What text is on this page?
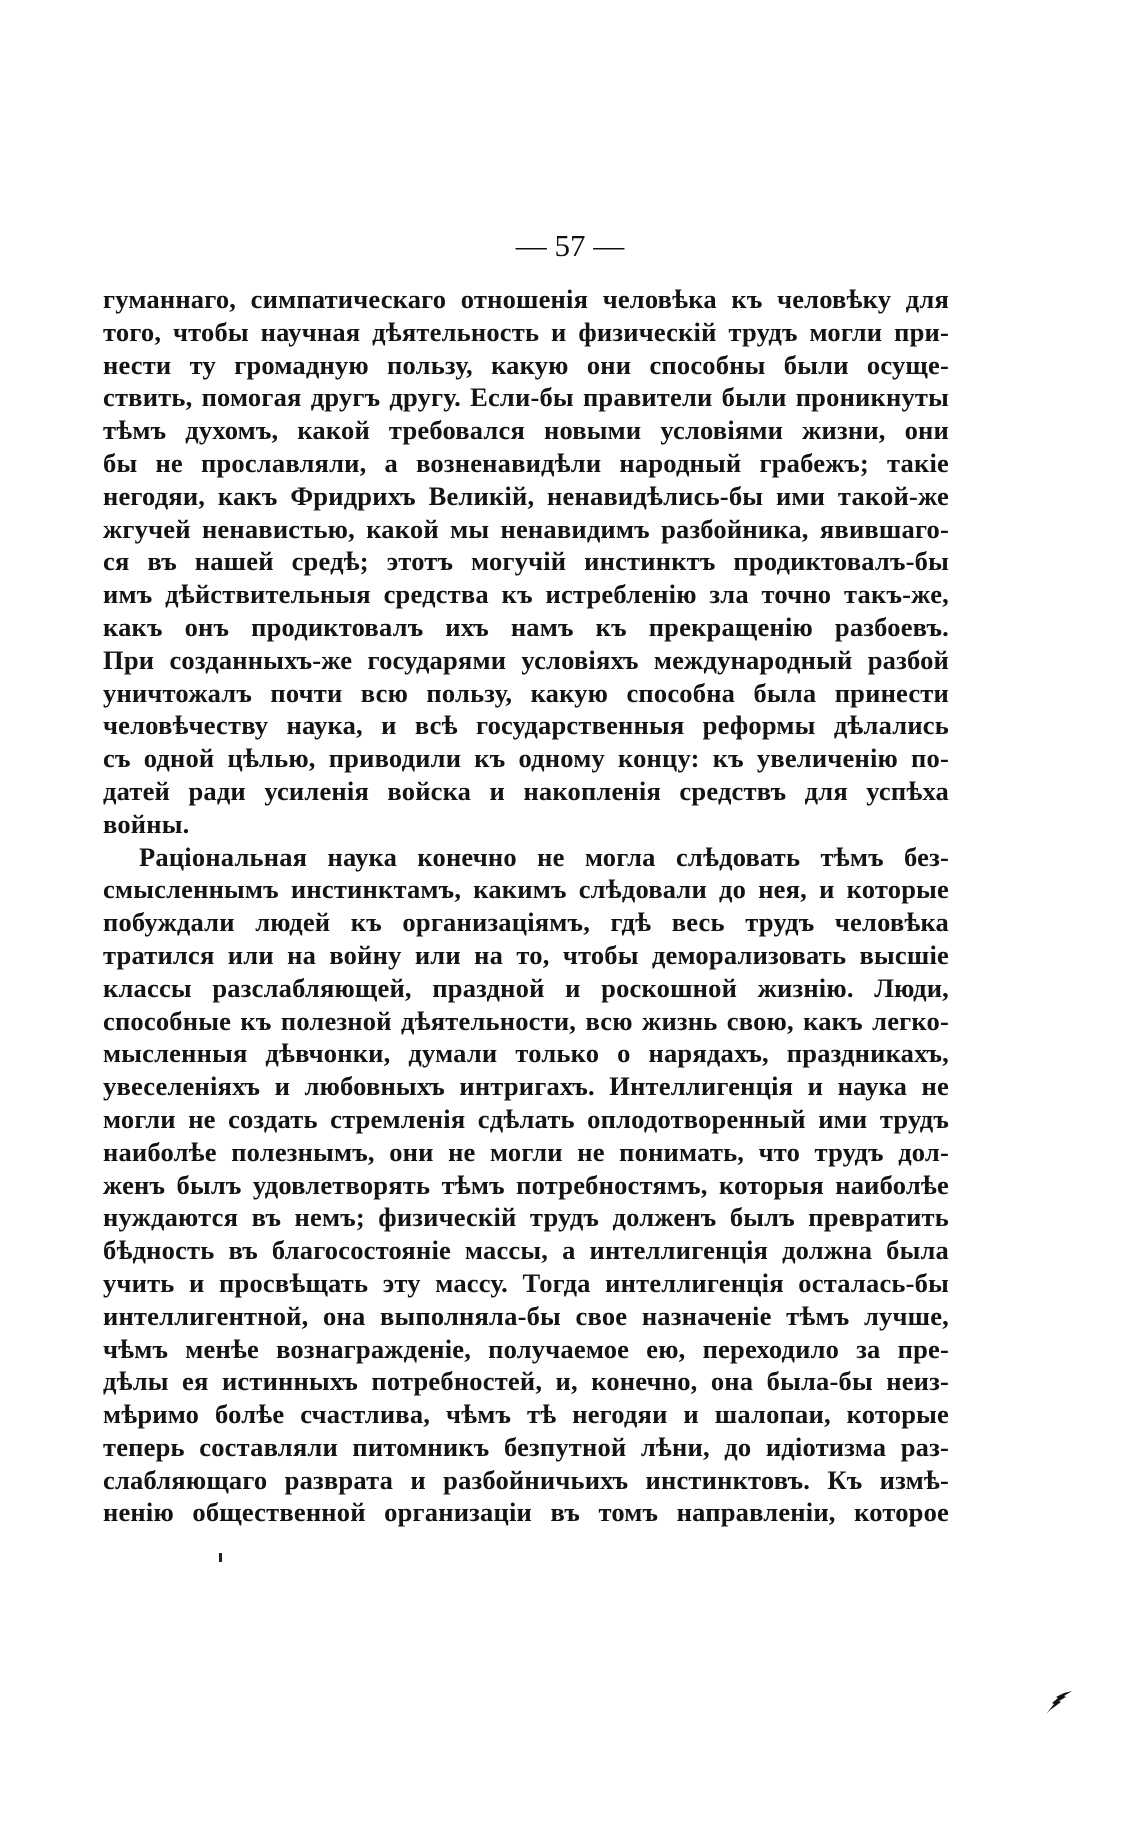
— 57 —
гуманнаго, симпатическаго отношенія человѣка къ человѣку для
того, чтобы научная дѣятельность и физическій трудъ могли при-
нести ту громадную пользу, какую они способны были осуще-
ствить, помогая другъ другу. Если-бы правители были проникнуты
тѣмъ духомъ, какой требовался новыми условіями жизни, они
бы не прославляли, а возненавидѣли народный грабежъ; такіе
негодяи, какъ Фридрихъ Великій, ненавидѣлись-бы ими такой-же
жгучей ненавистью, какой мы ненавидимъ разбойника, явившаго-
ся въ нашей средѣ; этотъ могучій инстинктъ продиктовалъ-бы
имъ дѣйствительныя средства къ истребленію зла точно такъ-же,
какъ онъ продиктовалъ ихъ намъ къ прекращенію разбоевъ.
При созданныхъ-же государями условіяхъ международный разбой
уничтожалъ почти всю пользу, какую способна была принести
человѣчеству наука, и всѣ государственныя реформы дѣлались
съ одной цѣлью, приводили къ одному концу: къ увеличенію по-
датей ради усиленія войска и накопленія средствъ для успѣха
войны.
Раціональная наука конечно не могла слѣдовать тѣмъ без-
смысленнымъ инстинктамъ, какимъ слѣдовали до нея, и которые
побуждали людей къ организаціямъ, гдѣ весь трудъ человѣка
тратился или на войну или на то, чтобы деморализовать высшіе
классы разслабляющей, праздной и роскошной жизнію. Люди,
способные къ полезной дѣятельности, всю жизнь свою, какъ легко-
мысленныя дѣвчонки, думали только о нарядахъ, праздникахъ,
увеселеніяхъ и любовныхъ интригахъ. Интеллигенція и наука не
могли не создать стремленія сдѣлать оплодотворенный ими трудъ
наиболѣе полезнымъ, они не могли не понимать, что трудъ дол-
женъ былъ удовлетворять тѣмъ потребностямъ, которыя наиболѣе
нуждаются въ немъ; физическій трудъ долженъ былъ превратить
бѣдность въ благосостояніе массы, а интеллигенція должна была
учить и просвѣщать эту массу. Тогда интеллигенція осталась-бы
интеллигентной, она выполняла-бы свое назначеніе тѣмъ лучше,
чѣмъ менѣе вознагражденіе, получаемое ею, переходило за пре-
дѣлы ея истинныхъ потребностей, и, конечно, она была-бы неиз-
мѣримо болѣе счастлива, чѣмъ тѣ негодяи и шалопаи, которые
теперь составляли питомникъ безпутной лѣни, до идіотизма раз-
слабляющаго разврата и разбойничьихъ инстинктовъ. Къ измѣ-
ненію общественной организаціи въ томъ направленіи, которое
